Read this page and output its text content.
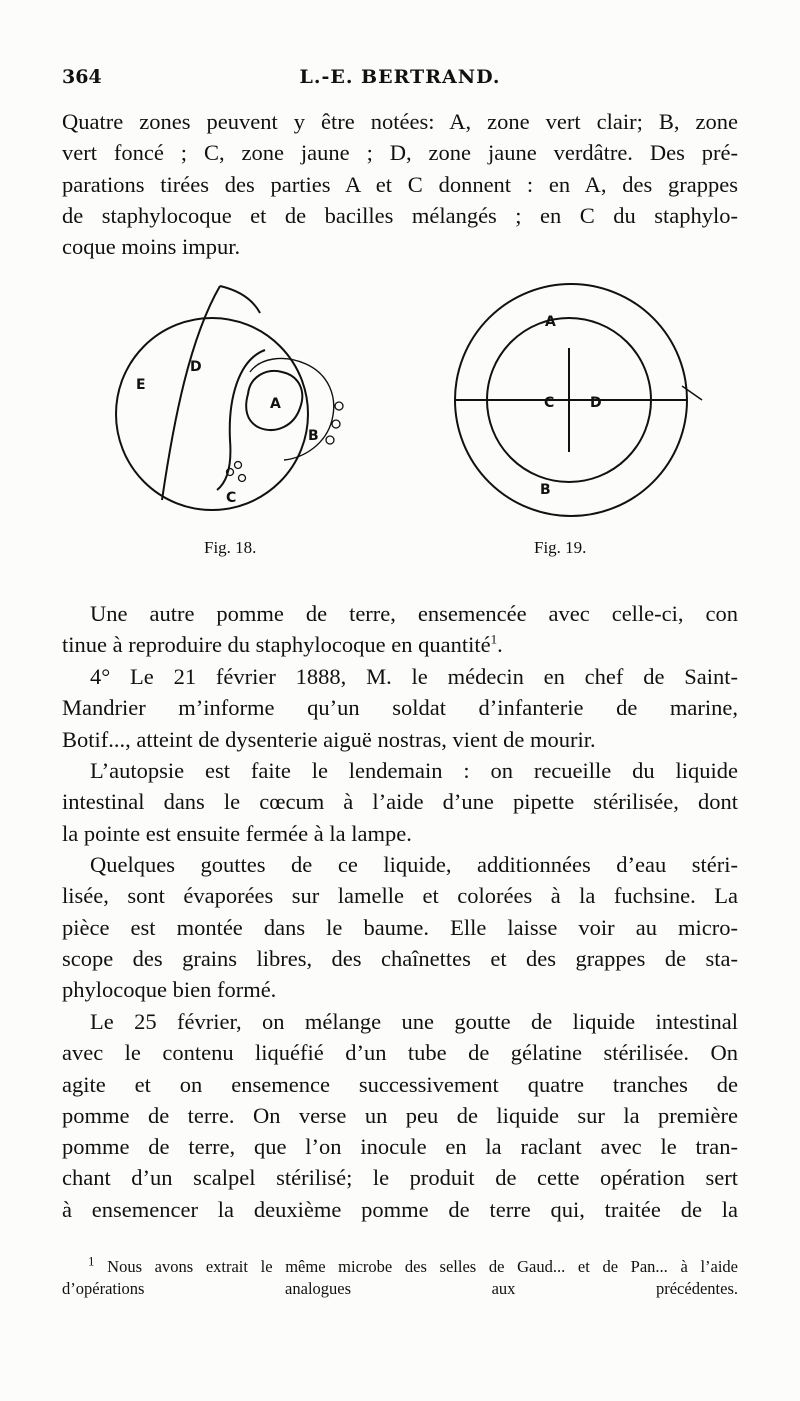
364	L.-E. BERTRAND.
Quatre zones peuvent y être notées: A, zone vert clair; B, zone
vert foncé ; C, zone jaune ; D, zone jaune verdâtre. Des pré-
parations tirées des parties A et C donnent : en A, des grappes
de staphylocoque et de bacilles mélangés ; en C du staphylo-
coque moins impur.
E
D
A
B
C
A
C	D
B
Fig. 18.	Fig. 19.
Une autre pomme de terre, ensemencée avec celle-ci, con
tinue à reproduire du staphylocoque en quantité$^1$.
4° Le 21 février 1888, M. le médecin en chef de Saint-
Mandrier m’informe qu’un soldat d’infanterie de marine,
Botif..., atteint de dysenterie aiguë nostras, vient de mourir.
L’autopsie est faite le lendemain : on recueille du liquide
intestinal dans le cœcum à l’aide d’une pipette stérilisée, dont
la pointe est ensuite fermée à la lampe.
Quelques gouttes de ce liquide, additionnées d’eau stéri-
lisée, sont évaporées sur lamelle et colorées à la fuchsine. La
pièce est montée dans le baume. Elle laisse voir au micro-
scope des grains libres, des chaînettes et des grappes de sta-
phylocoque bien formé.
Le 25 février, on mélange une goutte de liquide intestinal
avec le contenu liquéfié d’un tube de gélatine stérilisée. On
agite et on ensemence successivement quatre tranches de
pomme de terre. On verse un peu de liquide sur la première
pomme de terre, que l’on inocule en la raclant avec le tran-
chant d’un scalpel stérilisé; le produit de cette opération sert
à ensemencer la deuxième pomme de terre qui, traitée de la
$^1$ Nous avons extrait le même microbe des selles de Gaud... et de Pan... à l’aide
d’opérations analogues aux précédentes.
